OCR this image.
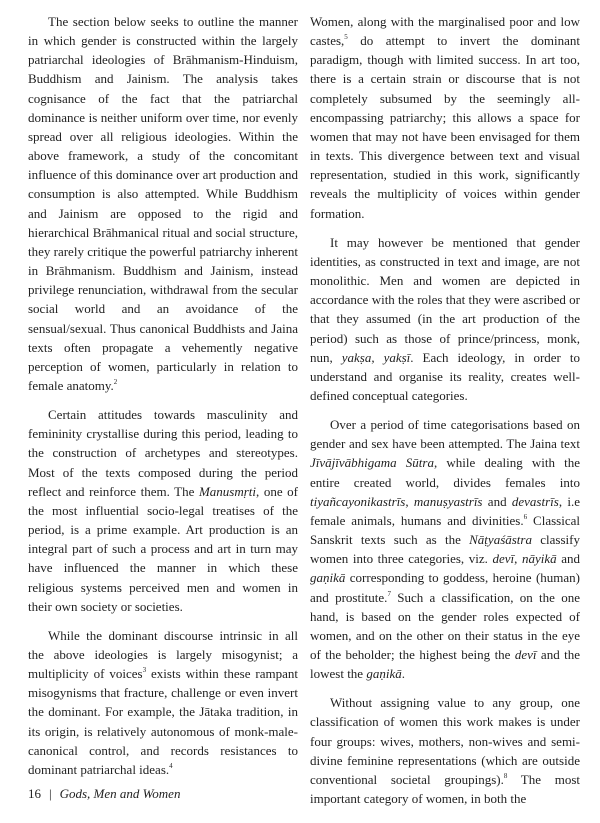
The section below seeks to outline the manner in which gender is constructed within the largely patriarchal ideologies of Brāhmanism-Hinduism, Buddhism and Jainism. The analysis takes cognisance of the fact that the patriarchal dominance is neither uniform over time, nor evenly spread over all religious ideologies. Within the above framework, a study of the concomitant influence of this dominance over art production and consumption is also attempted. While Buddhism and Jainism are opposed to the rigid and hierarchical Brāhmanical ritual and social structure, they rarely critique the powerful patriarchy inherent in Brāhmanism. Buddhism and Jainism, instead privilege renunciation, withdrawal from the secular social world and an avoidance of the sensual/sexual. Thus canonical Buddhists and Jaina texts often propagate a vehemently negative perception of women, particularly in relation to female anatomy.$^2$

Certain attitudes towards masculinity and femininity crystallise during this period, leading to the construction of archetypes and stereotypes. Most of the texts composed during the period reflect and reinforce them. The Manusmṛti, one of the most influential socio-legal treatises of the period, is a prime example. Art production is an integral part of such a process and art in turn may have influenced the manner in which these religious systems perceived men and women in their own society or societies.

While the dominant discourse intrinsic in all the above ideologies is largely misogynist; a multiplicity of voices$^3$ exists within these rampant misogynisms that fracture, challenge or even invert the dominant. For example, the Jātaka tradition, in its origin, is relatively autonomous of monk-male-canonical control, and records resistances to dominant patriarchal ideas.$^4$

Women, along with the marginalised poor and low castes,$^5$ do attempt to invert the dominant paradigm, though with limited success. In art too, there is a certain strain or discourse that is not completely subsumed by the seemingly all-encompassing patriarchy; this allows a space for women that may not have been envisaged for them in texts. This divergence between text and visual representation, studied in this work, significantly reveals the multiplicity of voices within gender formation.

It may however be mentioned that gender identities, as constructed in text and image, are not monolithic. Men and women are depicted in accordance with the roles that they were ascribed or that they assumed (in the art production of the period) such as those of prince/princess, monk, nun, yakṣa, yakṣī. Each ideology, in order to understand and organise its reality, creates well-defined conceptual categories.

Over a period of time categorisations based on gender and sex have been attempted. The Jaina text Jīvājīvābhigama Sūtra, while dealing with the entire created world, divides females into tiyañcayonikastrīs, manuṣyastrīs and devastrīs, i.e female animals, humans and divinities.$^6$ Classical Sanskrit texts such as the Nāṭyaśāstra classify women into three categories, viz. devī, nāyikā and gaṇikā corresponding to goddess, heroine (human) and prostitute.$^7$ Such a classification, on the one hand, is based on the gender roles expected of women, and on the other on their status in the eye of the beholder; the highest being the devī and the lowest the gaṇikā.

Without assigning value to any group, one classification of women this work makes is under four groups: wives, mothers, non-wives and semi-divine feminine representations (which are outside conventional societal groupings).$^8$ The most important category of women, in both the

16 | Gods, Men and Women
